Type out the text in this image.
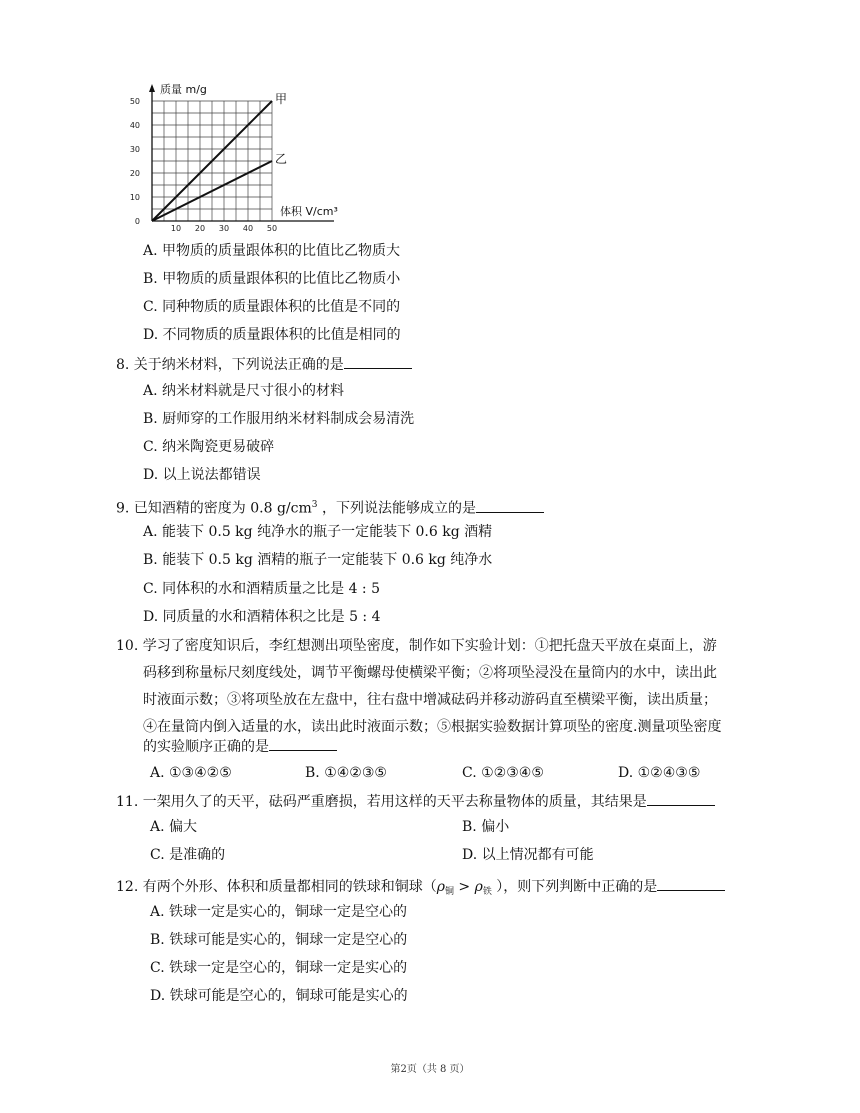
甲
乙
0
10
20
30
40
50
10 20 30 40 50
质量 m/g
体积 V/cm³
A. 甲物质的质量跟体积的比值比乙物质大
B. 甲物质的质量跟体积的比值比乙物质小
C. 同种物质的质量跟体积的比值是不同的
D. 不同物质的质量跟体积的比值是相同的
8. 关于纳米材料，下列说法正确的是
A. 纳米材料就是尺寸很小的材料
B. 厨师穿的工作服用纳米材料制成会易清洗
C. 纳米陶瓷更易破碎
D. 以上说法都错误
9. 已知酒精的密度为 0.8 $g/cm^3$ ，下列说法能够成立的是
A. 能装下 0.5 kg 纯净水的瓶子一定能装下 0.6 kg 酒精
B. 能装下 0.5 kg 酒精的瓶子一定能装下 0.6 kg 纯净水
C. 同体积的水和酒精质量之比是 4 : 5
D. 同质量的水和酒精体积之比是 5 : 4
10. 学习了密度知识后，李红想测出项坠密度，制作如下实验计划：①把托盘天平放在桌面上，游
码移到称量标尺刻度线处，调节平衡螺母使横梁平衡；②将项坠浸没在量筒内的水中，读出此
时液面示数；③将项坠放在左盘中，往右盘中增减砝码并移动游码直至横梁平衡，读出质量；
④在量筒内倒入适量的水，读出此时液面示数；⑤根据实验数据计算项坠的密度.测量项坠密度
的实验顺序正确的是
A. ①③④②⑤	B. ①④②③⑤	C. ①②③④⑤	D. ①②④③⑤
11. 一架用久了的天平，砝码严重磨损，若用这样的天平去称量物体的质量，其结果是
A. 偏大	B. 偏小
C. 是准确的	D. 以上情况都有可能
12. 有两个外形、体积和质量都相同的铁球和铜球（$\rho_铜 > \rho_铁$ ），则下列判断中正确的是
A. 铁球一定是实心的，铜球一定是空心的
B. 铁球可能是实心的，铜球一定是空心的
C. 铁球一定是空心的，铜球一定是实心的
D. 铁球可能是空心的，铜球可能是实心的
第2页（共 8 页）
